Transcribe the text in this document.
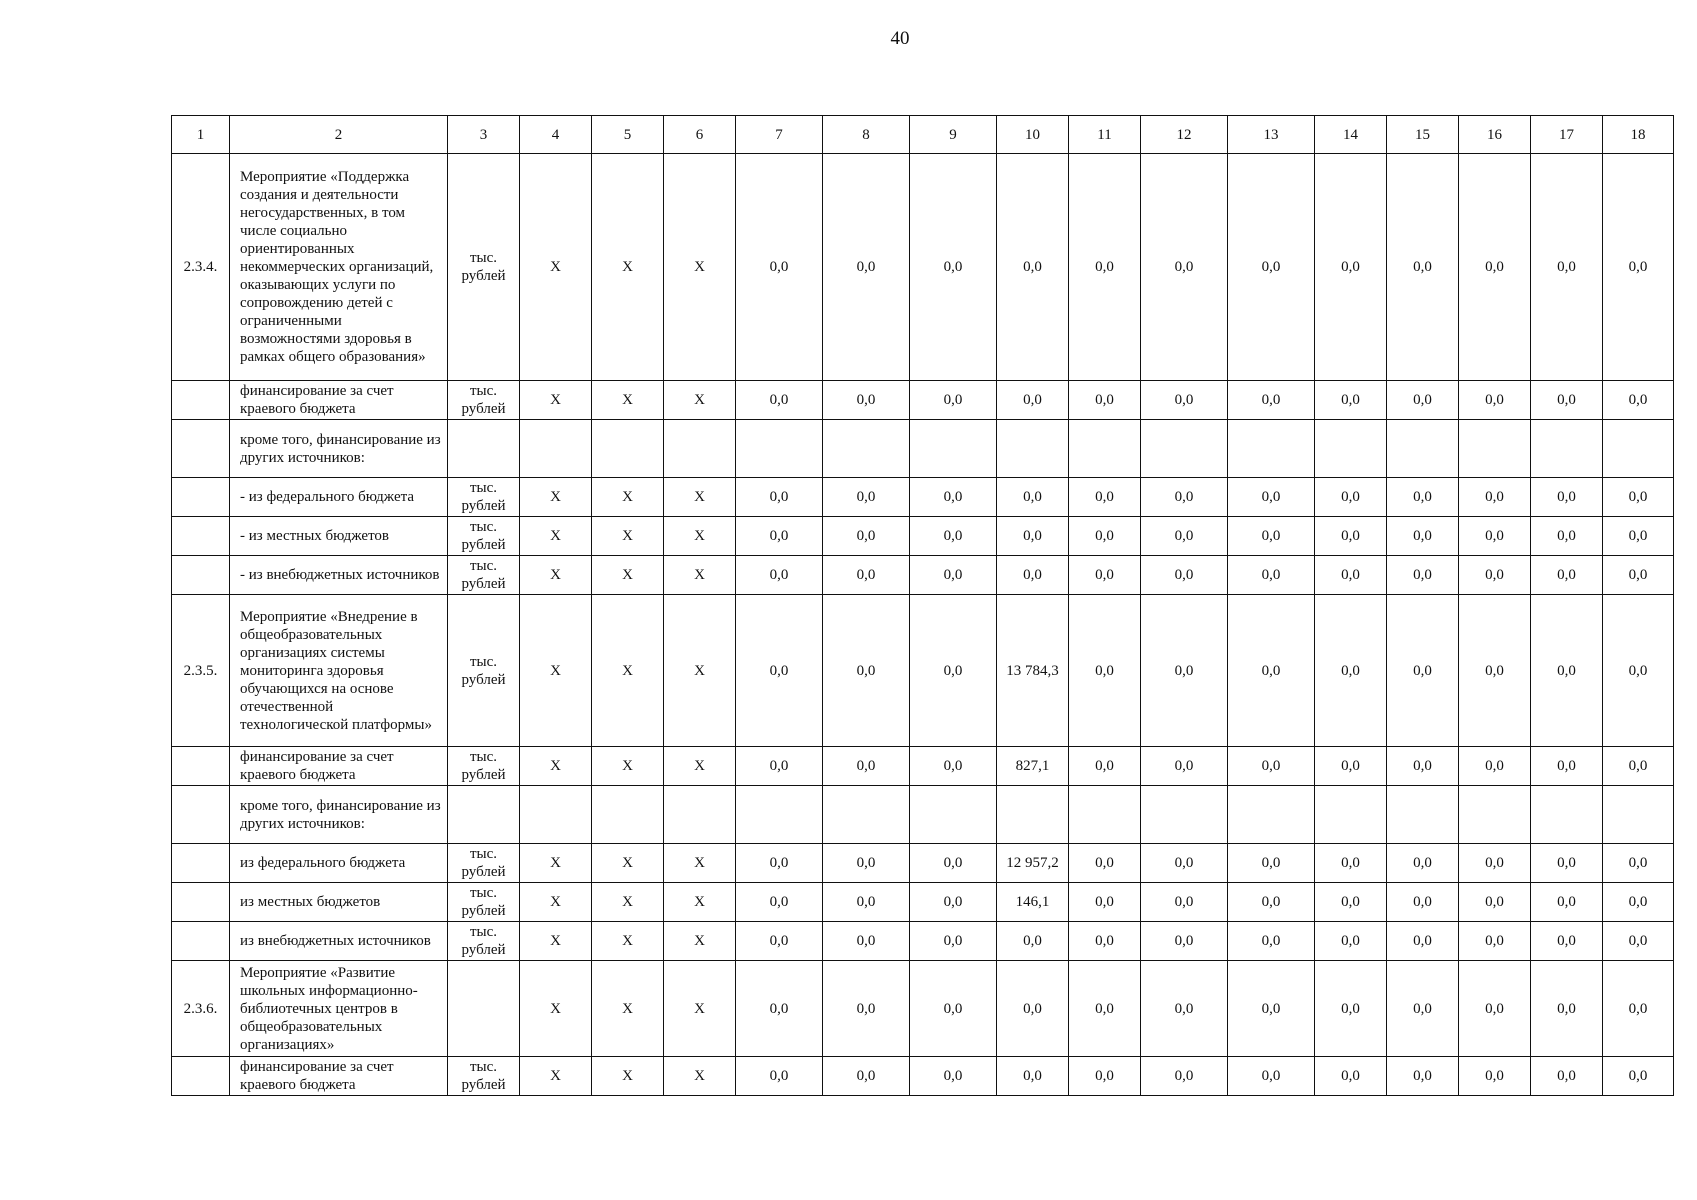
40
1	2	3	4	5	6	7	8	9	10	11	12	13	14	15	16	17	18
2.3.4.	Мероприятие «Поддержка создания и деятельности негосударственных, в том числе социально ориентированных некоммерческих организаций, оказывающих услуги по сопровождению детей с ограниченными возможностями здоровья в рамках общего образования»	тыс. рублей	Х	Х	Х	0,0	0,0	0,0	0,0	0,0	0,0	0,0	0,0	0,0	0,0	0,0	0,0
	финансирование за счет краевого бюджета	тыс. рублей	Х	Х	Х	0,0	0,0	0,0	0,0	0,0	0,0	0,0	0,0	0,0	0,0	0,0	0,0
	кроме того, финансирование из других источников:																
	- из федерального бюджета	тыс. рублей	Х	Х	Х	0,0	0,0	0,0	0,0	0,0	0,0	0,0	0,0	0,0	0,0	0,0	0,0
	- из местных бюджетов	тыс. рублей	Х	Х	Х	0,0	0,0	0,0	0,0	0,0	0,0	0,0	0,0	0,0	0,0	0,0	0,0
	- из внебюджетных источников	тыс. рублей	Х	Х	Х	0,0	0,0	0,0	0,0	0,0	0,0	0,0	0,0	0,0	0,0	0,0	0,0
2.3.5.	Мероприятие «Внедрение в общеобразовательных организациях системы мониторинга здоровья обучающихся на основе отечественной технологической платформы»	тыс. рублей	Х	Х	Х	0,0	0,0	0,0	13 784,3	0,0	0,0	0,0	0,0	0,0	0,0	0,0	0,0
	финансирование за счет краевого бюджета	тыс. рублей	Х	Х	Х	0,0	0,0	0,0	827,1	0,0	0,0	0,0	0,0	0,0	0,0	0,0	0,0
	кроме того, финансирование из других источников:																
	из федерального бюджета	тыс. рублей	Х	Х	Х	0,0	0,0	0,0	12 957,2	0,0	0,0	0,0	0,0	0,0	0,0	0,0	0,0
	из местных бюджетов	тыс. рублей	Х	Х	Х	0,0	0,0	0,0	146,1	0,0	0,0	0,0	0,0	0,0	0,0	0,0	0,0
	из внебюджетных источников	тыс. рублей	Х	Х	Х	0,0	0,0	0,0	0,0	0,0	0,0	0,0	0,0	0,0	0,0	0,0	0,0
2.3.6.	Мероприятие «Развитие школьных информационно-библиотечных центров в общеобразовательных организациях»		Х	Х	Х	0,0	0,0	0,0	0,0	0,0	0,0	0,0	0,0	0,0	0,0	0,0	0,0
	финансирование за счет краевого бюджета	тыс. рублей	Х	Х	Х	0,0	0,0	0,0	0,0	0,0	0,0	0,0	0,0	0,0	0,0	0,0	0,0
